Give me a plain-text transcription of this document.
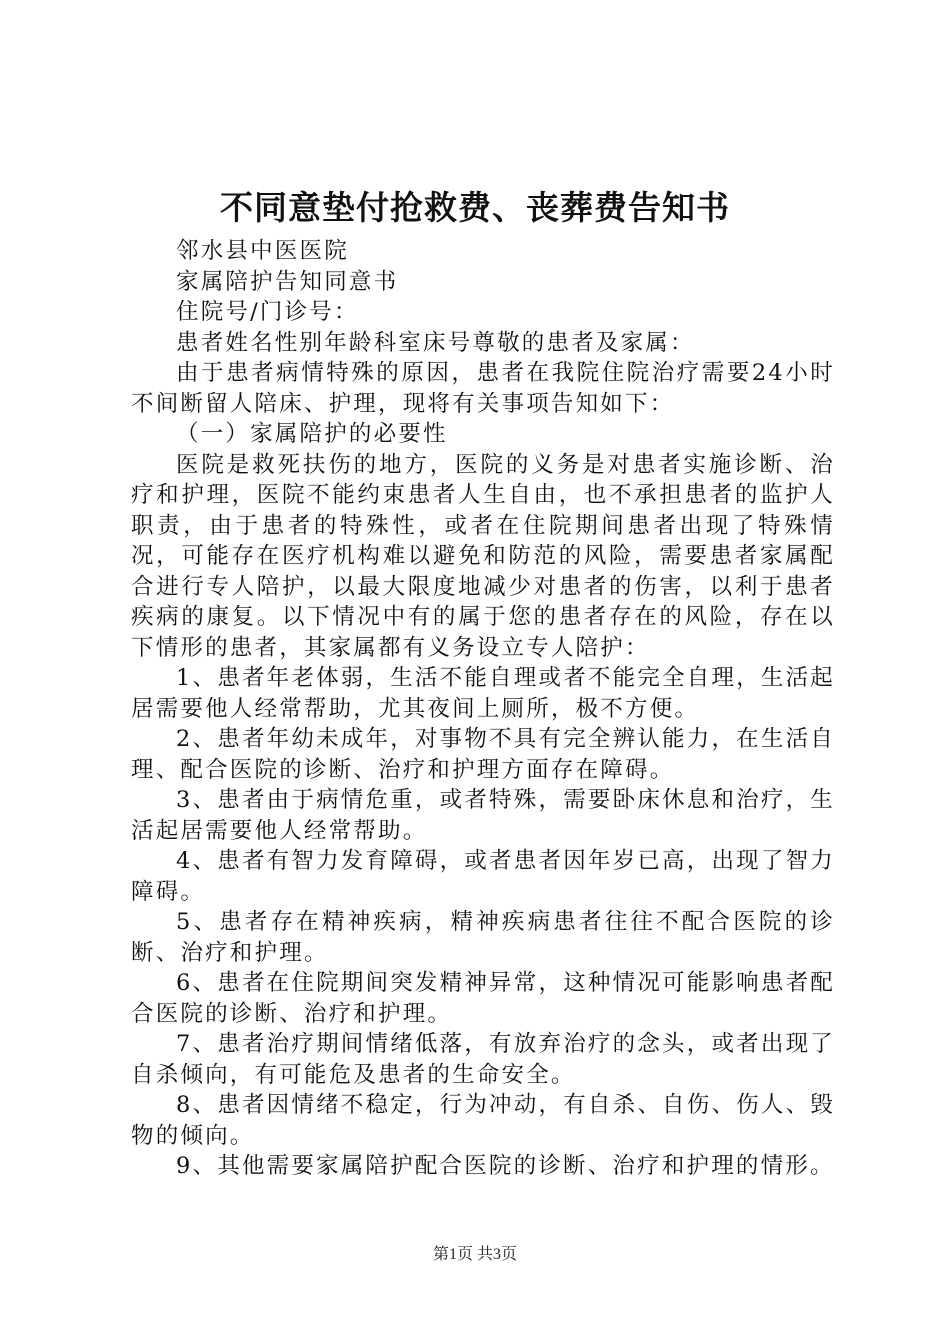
不同意垫付抢救费、丧葬费告知书

邻水县中医医院

家属陪护告知同意书

住院号/门诊号：

患者姓名性别年龄科室床号尊敬的患者及家属：

由于患者病情特殊的原因，患者在我院住院治疗需要24小时不间断留人陪床、护理，现将有关事项告知如下：

（一）家属陪护的必要性

医院是救死扶伤的地方，医院的义务是对患者实施诊断、治疗和护理，医院不能约束患者人生自由，也不承担患者的监护人职责，由于患者的特殊性，或者在住院期间患者出现了特殊情况，可能存在医疗机构难以避免和防范的风险，需要患者家属配合进行专人陪护，以最大限度地减少对患者的伤害，以利于患者疾病的康复。以下情况中有的属于您的患者存在的风险，存在以下情形的患者，其家属都有义务设立专人陪护：

1、患者年老体弱，生活不能自理或者不能完全自理，生活起居需要他人经常帮助，尤其夜间上厕所，极不方便。

2、患者年幼未成年，对事物不具有完全辨认能力，在生活自理、配合医院的诊断、治疗和护理方面存在障碍。

3、患者由于病情危重，或者特殊，需要卧床休息和治疗，生活起居需要他人经常帮助。

4、患者有智力发育障碍，或者患者因年岁已高，出现了智力障碍。

5、患者存在精神疾病，精神疾病患者往往不配合医院的诊断、治疗和护理。

6、患者在住院期间突发精神异常，这种情况可能影响患者配合医院的诊断、治疗和护理。

7、患者治疗期间情绪低落，有放弃治疗的念头，或者出现了自杀倾向，有可能危及患者的生命安全。

8、患者因情绪不稳定，行为冲动，有自杀、自伤、伤人、毁物的倾向。

9、其他需要家属陪护配合医院的诊断、治疗和护理的情形。

第1页 共3页
